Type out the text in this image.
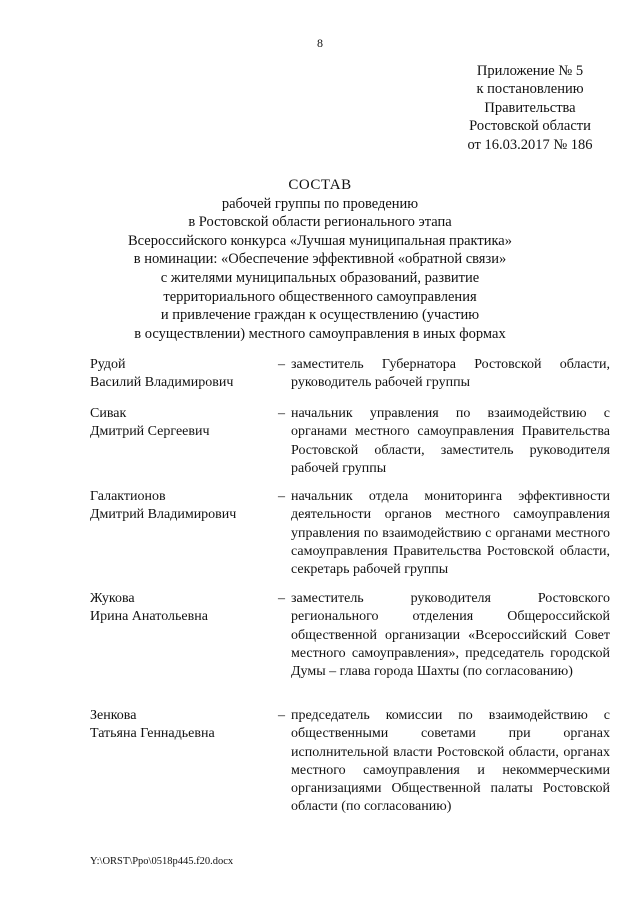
8
Приложение № 5
к постановлению
Правительства
Ростовской области
от 16.03.2017 № 186
СОСТАВ
рабочей группы по проведению
в Ростовской области регионального этапа
Всероссийского конкурса «Лучшая муниципальная практика»
в номинации: «Обеспечение эффективной «обратной связи»
с жителями муниципальных образований, развитие
территориального общественного самоуправления
и привлечение граждан к осуществлению (участию
в осуществлении) местного самоуправления в иных формах
Рудой
Василий Владимирович
– заместитель Губернатора Ростовской области, руководитель рабочей группы
Сивак
Дмитрий Сергеевич
– начальник управления по взаимодействию с органами местного самоуправления Правительства Ростовской области, заместитель руководителя рабочей группы
Галактионов
Дмитрий Владимирович
– начальник отдела мониторинга эффективности деятельности органов местного самоуправления управления по взаимодействию с органами местного самоуправления Правительства Ростовской области, секретарь рабочей группы
Жукова
Ирина Анатольевна
– заместитель руководителя Ростовского регионального отделения Общероссийской общественной организации «Всероссийский Совет местного самоуправления», председатель городской Думы – глава города Шахты (по согласованию)
Зенкова
Татьяна Геннадьевна
– председатель комиссии по взаимодействию с общественными советами при органах исполнительной власти Ростовской области, органах местного самоуправления и некоммерческими организациями Общественной палаты Ростовской области (по согласованию)
Y:\ORST\Ppo\0518p445.f20.docx
